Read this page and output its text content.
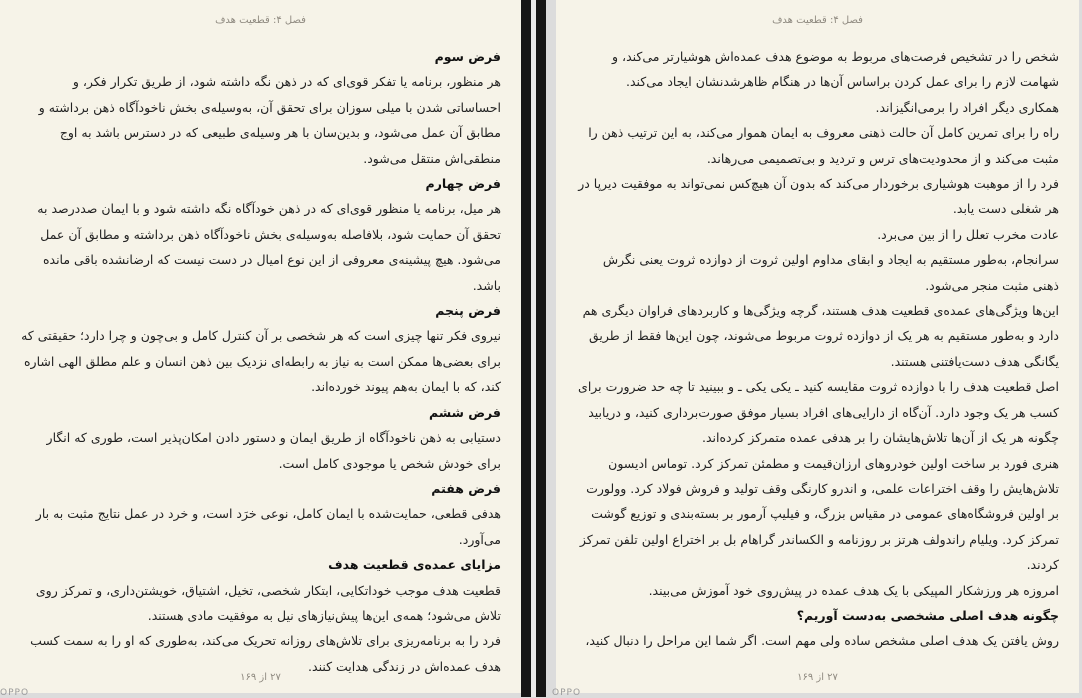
فصل ۴: قطعیت هدف

فرض سوم

هر منظور، برنامه یا تفکر قوی‌ای که در ذهن نگه داشته شود، از طریق تکرار فکر، و احساساتی شدن با میلی سوزان برای تحقق آن، به‌وسیله‌ی بخش ناخودآگاه ذهن برداشته و مطابق آن عمل می‌شود، و بدین‌سان با هر وسیله‌ی طبیعی که در دسترس باشد به اوج منطقی‌اش منتقل می‌شود.

فرض چهارم

هر میل، برنامه یا منظور قوی‌ای که در ذهن خودآگاه نگه داشته شود و با ایمان صددرصد به تحقق آن حمایت شود، بلافاصله به‌وسیله‌ی بخش ناخودآگاه ذهن برداشته و مطابق آن عمل می‌شود. هیچ پیشینه‌ی معروفی از این نوع امیال در دست نیست که ارضانشده باقی مانده باشد.

فرض پنجم

نیروی فکر تنها چیزی است که هر شخصی بر آن کنترل کامل و بی‌چون و چرا دارد؛ حقیقتی که برای بعضی‌ها ممکن است به نیاز به رابطه‌ای نزدیک بین ذهن انسان و علم مطلق الهی اشاره کند، که با ایمان به‌هم پیوند خورده‌اند.

فرض ششم

دستیابی به ذهن ناخودآگاه از طریق ایمان و دستور دادن امکان‌پذیر است، طوری که انگار برای خودش شخص یا موجودی کامل است.

فرض هفتم

هدفی قطعی، حمایت‌شده با ایمان کامل، نوعی خرَد است، و خرد در عمل نتایج مثبت به بار می‌آورد.

مزایای عمده‌ی قطعیت هدف

قطعیت هدف موجب خوداتکایی، ابتکار شخصی، تخیل، اشتیاق، خویشتن‌داری، و تمرکز روی تلاش می‌شود؛ همه‌ی این‌ها پیش‌نیازهای نیل به موفقیت مادی هستند.

فرد را به برنامه‌ریزی برای تلاش‌های روزانه تحریک می‌کند، به‌طوری که او را به سمت کسب هدف عمده‌اش در زندگی هدایت کنند.

۲۷ از ۱۶۹
فصل ۴: قطعیت هدف

شخص را در تشخیص فرصت‌های مربوط به موضوع هدف عمده‌اش هوشیارتر می‌کند، و شهامت لازم را برای عمل کردن براساس آن‌ها در هنگام ظاهرشدنشان ایجاد می‌کند.

همکاری دیگر افراد را برمی‌انگیزاند.

راه را برای تمرین کامل آن حالت ذهنی معروف به ایمان هموار می‌کند، به این ترتیب ذهن را مثبت می‌کند و از محدودیت‌های ترس و تردید و بی‌تصمیمی می‌رهاند.

فرد را از موهبت هوشیاری برخوردار می‌کند که بدون آن هیچ‌کس نمی‌تواند به موفقیت دیرپا در هر شغلی دست یابد.

عادت مخرب تعلل را از بین می‌برد.

سرانجام، به‌طور مستقیم به ایجاد و ابقای مداوم اولین ثروت از دوازده ثروت یعنی نگرش ذهنی مثبت منجر می‌شود.

این‌ها ویژگی‌های عمده‌ی قطعیت هدف هستند، گرچه ویژگی‌ها و کاربردهای فراوان دیگری هم دارد و به‌طور مستقیم به هر یک از دوازده ثروت مربوط می‌شوند، چون این‌ها فقط از طریق یگانگی هدف دست‌یافتنی هستند.

اصل قطعیت هدف را با دوازده ثروت مقایسه کنید ـ یکی یکی ـ و ببینید تا چه حد ضرورت برای کسب هر یک وجود دارد. آن‌گاه از دارایی‌های افراد بسیار موفق صورت‌برداری کنید، و دریابید چگونه هر یک از آن‌ها تلاش‌هایشان را بر هدفی عمده متمرکز کرده‌اند.

هنری فورد بر ساخت اولین خودروهای ارزان‌قیمت و مطمئن تمرکز کرد. توماس ادیسون تلاش‌هایش را وقف اختراعات علمی، و اندرو کارنگی وقف تولید و فروش فولاد کرد. وولورت بر اولین فروشگاه‌های عمومی در مقیاس بزرگ، و فیلیپ آرمور بر بسته‌بندی و توزیع گوشت تمرکز کرد. ویلیام راندولف هرتز بر روزنامه و الکساندر گراهام بل بر اختراع اولین تلفن تمرکز کردند.

امروزه هر ورزشکار المپیکی با یک هدف عمده در پیش‌روی خود آموزش می‌بیند.

چگونه هدف اصلی مشخصی به‌دست آوریم؟

روش یافتن یک هدف اصلی مشخص ساده ولی مهم است. اگر شما این مراحل را دنبال کنید،

۲۷ از ۱۶۹
OPPO	OPPO
